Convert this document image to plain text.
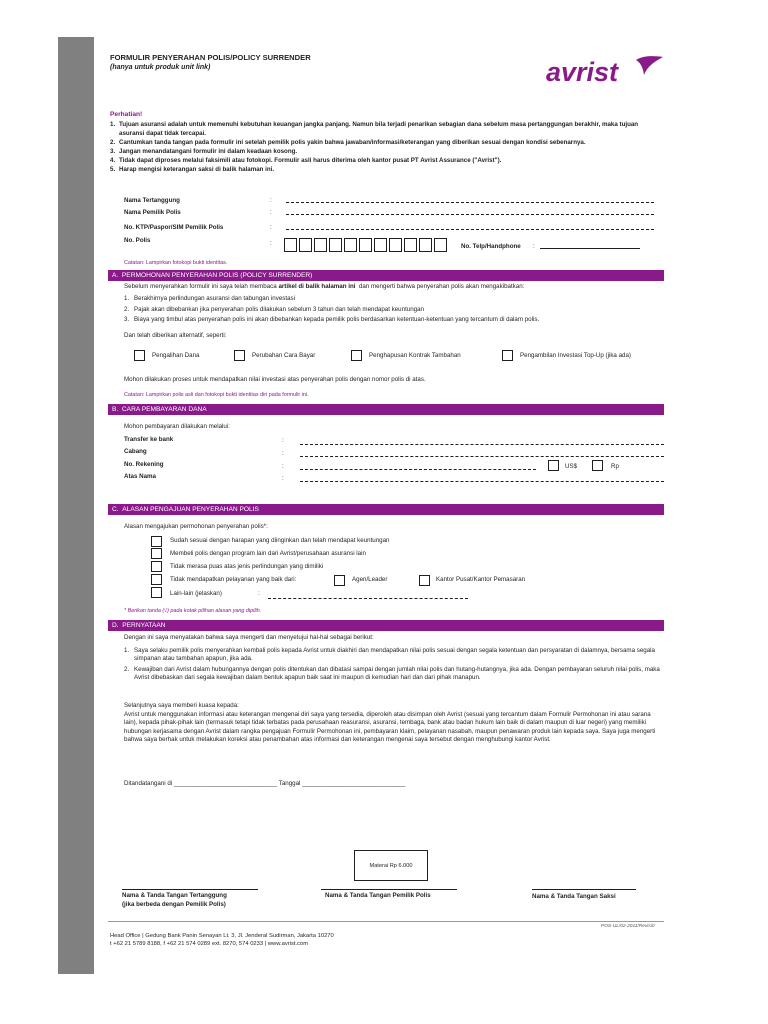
FORMULIR PENYERAHAN POLIS/POLICY SURRENDER
(hanya untuk produk unit link)	avrist
Perhatian!
1. Tujuan asuransi adalah untuk memenuhi kebutuhan keuangan jangka panjang. Namun bila terjadi penarikan sebagian dana sebelum masa pertanggungan berakhir, maka tujuan asuransi dapat tidak tercapai.
2. Cantumkan tanda tangan pada formulir ini setelah pemilik polis yakin bahwa jawaban/informasi/keterangan yang diberikan sesuai dengan kondisi sebenarnya.
3. Jangan menandatangani formulir ini dalam keadaan kosong.
4. Tidak dapat diproses melalui faksimili atau fotokopi. Formulir asli harus diterima oleh kantor pusat PT Avrist Assurance ("Avrist").
5. Harap mengisi keterangan saksi di balik halaman ini.
Nama Tertanggung	:
Nama Pemilik Polis	:
No. KTP/Paspor/SIM Pemilik Polis	:
No. Polis	:	No. Telp/Handphone :
Catatan: Lampirkan fotokopi bukti identitas.
A. PERMOHONAN PENYERAHAN POLIS (POLICY SURRENDER)
Sebelum menyerahkan formulir ini saya telah membaca artikel di balik halaman ini dan mengerti bahwa penyerahan polis akan mengakibatkan:
1. Berakhirnya perlindungan asuransi dan tabungan investasi
2. Pajak akan dibebankan jika penyerahan polis dilakukan sebelum 3 tahun dan telah mendapat keuntungan
3. Biaya yang timbul atas penyerahan polis ini akan dibebankan kepada pemilik polis berdasarkan ketentuan-ketentuan yang tercantum di dalam polis.
Dan telah diberikan alternatif, seperti:
Pengalihan Dana	Perubahan Cara Bayar	Penghapusan Kontrak Tambahan	Pengambilan Investasi Top-Up (jika ada)
Mohon dilakukan proses untuk mendapatkan nilai investasi atas penyerahan polis dengan nomor polis di atas.
Catatan: Lampirkan polis asli dan fotokopi bukti identitas diri pada formulir ini.
B. CARA PEMBAYARAN DANA
Mohon pembayaran dilakukan melalui:
Transfer ke bank	:
Cabang	:
No. Rekening	:	US$	Rp
Atas Nama	:
C. ALASAN PENGAJUAN PENYERAHAN POLIS
Alasan mengajukan permohonan penyerahan polis*:
Sudah sesuai dengan harapan yang diinginkan dan telah mendapat keuntungan
Membeli polis dengan program lain dari Avrist/perusahaan asuransi lain
Tidak merasa puas atas jenis perlindungan yang dimiliki
Tidak mendapatkan pelayanan yang baik dari:	Agen/Leader	Kantor Pusat/Kantor Pemasaran
Lain-lain (jelaskan)	:
* Berikan tanda (√) pada kotak pilihan alasan yang dipilih.
D. PERNYATAAN
Dengan ini saya menyatakan bahwa saya mengerti dan menyetujui hal-hal sebagai berikut:
1. Saya selaku pemilik polis menyerahkan kembali polis kepada Avrist untuk diakhiri dan mendapatkan nilai polis sesuai dengan segala ketentuan dan persyaratan di dalamnya, bersama segala simpanan atau tambahan apapun, jika ada.
2. Kewajiban dari Avrist dalam hubungannya dengan polis ditentukan dan dibatasi sampai dengan jumlah nilai polis dan hutang-hutangnya, jika ada. Dengan pembayaran seluruh nilai polis, maka Avrist dibebaskan dari segala kewajiban dalam bentuk apapun baik saat ini maupun di kemudian hari dan dari pihak manapun.
Selanjutnya saya memberi kuasa kepada:
Avrist untuk menggunakan informasi atau keterangan mengenai diri saya yang tersedia, diperoleh atau disimpan oleh Avrist (sesuai yang tercantum dalam Formulir Permohonan ini atau sarana lain), kepada pihak-pihak lain (termasuk tetapi tidak terbatas pada perusahaan reasuransi, asuransi, tembaga, bank atau badan hukum lain baik di dalam maupun di luar negeri) yang memiliki hubungan kerjasama dengan Avrist dalam rangka pengajuan Formulir Permohonan ini, pembayaran klaim, pelayanan nasabah, maupun penawaran produk lain kepada saya. Saya juga mengerti bahwa saya berhak untuk melakukan koreksi atau penambahan atas informasi dan keterangan mengenai saya tersebut dengan menghubungi kantor Avrist.
Ditandatangani di ______________________________ Tanggal ______________________________
Materai Rp 6.000
Nama & Tanda Tangan Tertanggung
(jika berbeda dengan Pemilik Polis)
Nama & Tanda Tangan Pemilik Polis	Nama & Tanda Tangan Saksi
POS-UL/02-2011/Revisi0
Head Office | Gedung Bank Panin Senayan Lt. 3, Jl. Jenderal Sudirman, Jakarta 10270
t +62 21 5789 8188, f +62 21 574 0289 ext. 8270, 574 0233 | www.avrist.com
